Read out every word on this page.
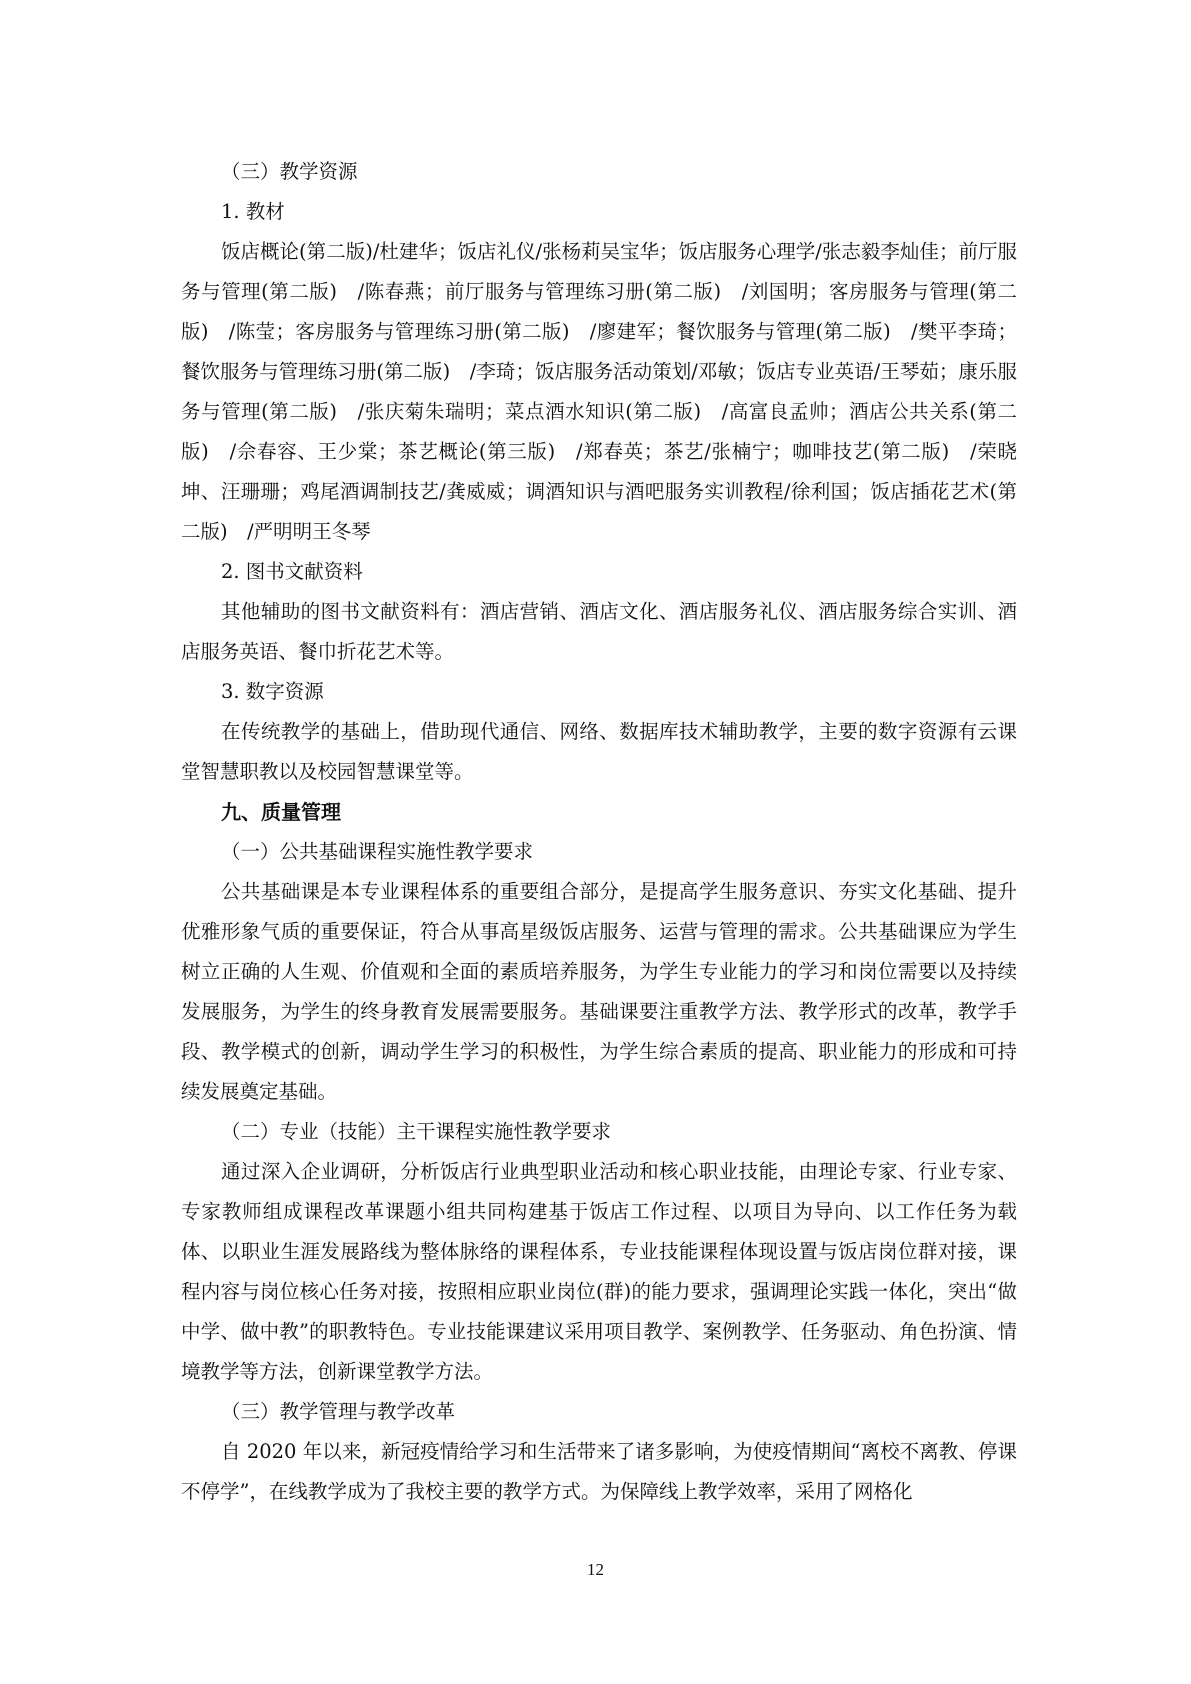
（三）教学资源

1. 教材

饭店概论(第二版)/杜建华；饭店礼仪/张杨莉吴宝华；饭店服务心理学/张志毅李灿佳；前厅服务与管理(第二版)　/陈春燕；前厅服务与管理练习册(第二版)　/刘国明；客房服务与管理(第二版)　/陈莹；客房服务与管理练习册(第二版)　/廖建军；餐饮服务与管理(第二版)　/樊平李琦；餐饮服务与管理练习册(第二版)　/李琦；饭店服务活动策划/邓敏；饭店专业英语/王琴茹；康乐服务与管理(第二版)　/张庆菊朱瑞明；菜点酒水知识(第二版)　/高富良孟帅；酒店公共关系(第二版)　/佘春容、王少棠；茶艺概论(第三版)　/郑春英；茶艺/张楠宁；咖啡技艺(第二版)　/荣晓坤、汪珊珊；鸡尾酒调制技艺/龚威威；调酒知识与酒吧服务实训教程/徐利国；饭店插花艺术(第二版)　/严明明王冬琴

2. 图书文献资料

其他辅助的图书文献资料有：酒店营销、酒店文化、酒店服务礼仪、酒店服务综合实训、酒店服务英语、餐巾折花艺术等。

3. 数字资源

在传统教学的基础上，借助现代通信、网络、数据库技术辅助教学，主要的数字资源有云课堂智慧职教以及校园智慧课堂等。

九、质量管理

（一）公共基础课程实施性教学要求

公共基础课是本专业课程体系的重要组合部分，是提高学生服务意识、夯实文化基础、提升优雅形象气质的重要保证，符合从事高星级饭店服务、运营与管理的需求。公共基础课应为学生树立正确的人生观、价值观和全面的素质培养服务，为学生专业能力的学习和岗位需要以及持续发展服务，为学生的终身教育发展需要服务。基础课要注重教学方法、教学形式的改革，教学手段、教学模式的创新，调动学生学习的积极性，为学生综合素质的提高、职业能力的形成和可持续发展奠定基础。

（二）专业（技能）主干课程实施性教学要求

通过深入企业调研，分析饭店行业典型职业活动和核心职业技能，由理论专家、行业专家、专家教师组成课程改革课题小组共同构建基于饭店工作过程、以项目为导向、以工作任务为载体、以职业生涯发展路线为整体脉络的课程体系，专业技能课程体现设置与饭店岗位群对接，课程内容与岗位核心任务对接，按照相应职业岗位(群)的能力要求，强调理论实践一体化，突出“做中学、做中教”的职教特色。专业技能课建议采用项目教学、案例教学、任务驱动、角色扮演、情境教学等方法，创新课堂教学方法。

（三）教学管理与教学改革

自 2020 年以来，新冠疫情给学习和生活带来了诸多影响，为使疫情期间“离校不离教、停课不停学”，在线教学成为了我校主要的教学方式。为保障线上教学效率，采用了网格化

12
